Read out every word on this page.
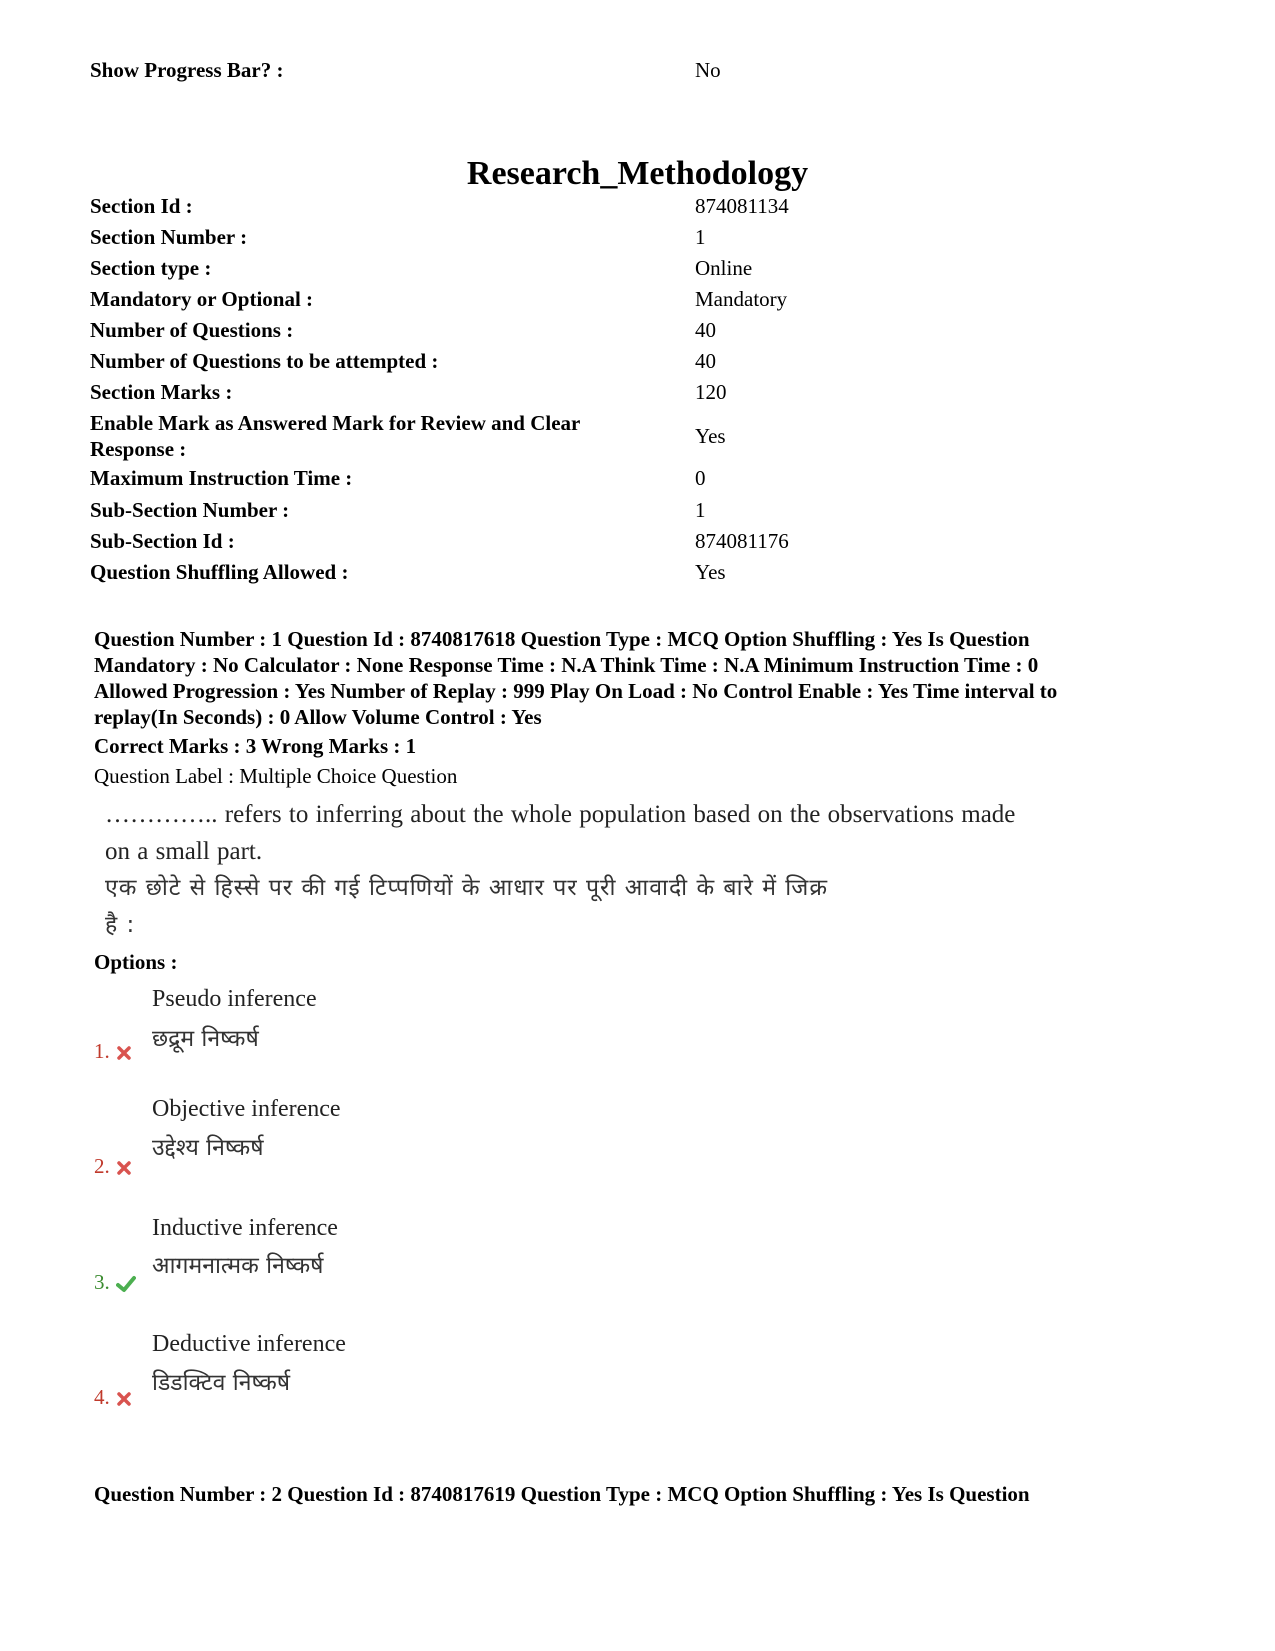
Show Progress Bar? :	No
Research_Methodology
Section Id :	874081134
Section Number :	1
Section type :	Online
Mandatory or Optional :	Mandatory
Number of Questions :	40
Number of Questions to be attempted :	40
Section Marks :	120
Enable Mark as Answered Mark for Review and Clear
Response :
Yes
Maximum Instruction Time :	0
Sub-Section Number :	1
Sub-Section Id :	874081176
Question Shuffling Allowed :	Yes
Question Number : 1 Question Id : 8740817618 Question Type : MCQ Option Shuffling : Yes Is Question
Mandatory : No Calculator : None Response Time : N.A Think Time : N.A Minimum Instruction Time : 0
Allowed Progression : Yes Number of Replay : 999 Play On Load : No Control Enable : Yes Time interval to
replay(In Seconds) : 0 Allow Volume Control : Yes
Correct Marks : 3 Wrong Marks : 1
Question Label : Multiple Choice Question
………….. refers to inferring about the whole population based on the observations made
on a small part.
एक छोटे से हिस्से पर की गई टिप्पणियों के आधार पर पूरी आवादी के बारे में जिक्र
है :
Options :
Pseudo inference
छद्रूम निष्कर्ष
1.
Objective inference
उद्देश्य निष्कर्ष
2.
Inductive inference
आगमनात्मक निष्कर्ष
3.
Deductive inference
डिडक्टिव निष्कर्ष
4.
Question Number : 2 Question Id : 8740817619 Question Type : MCQ Option Shuffling : Yes Is Question
